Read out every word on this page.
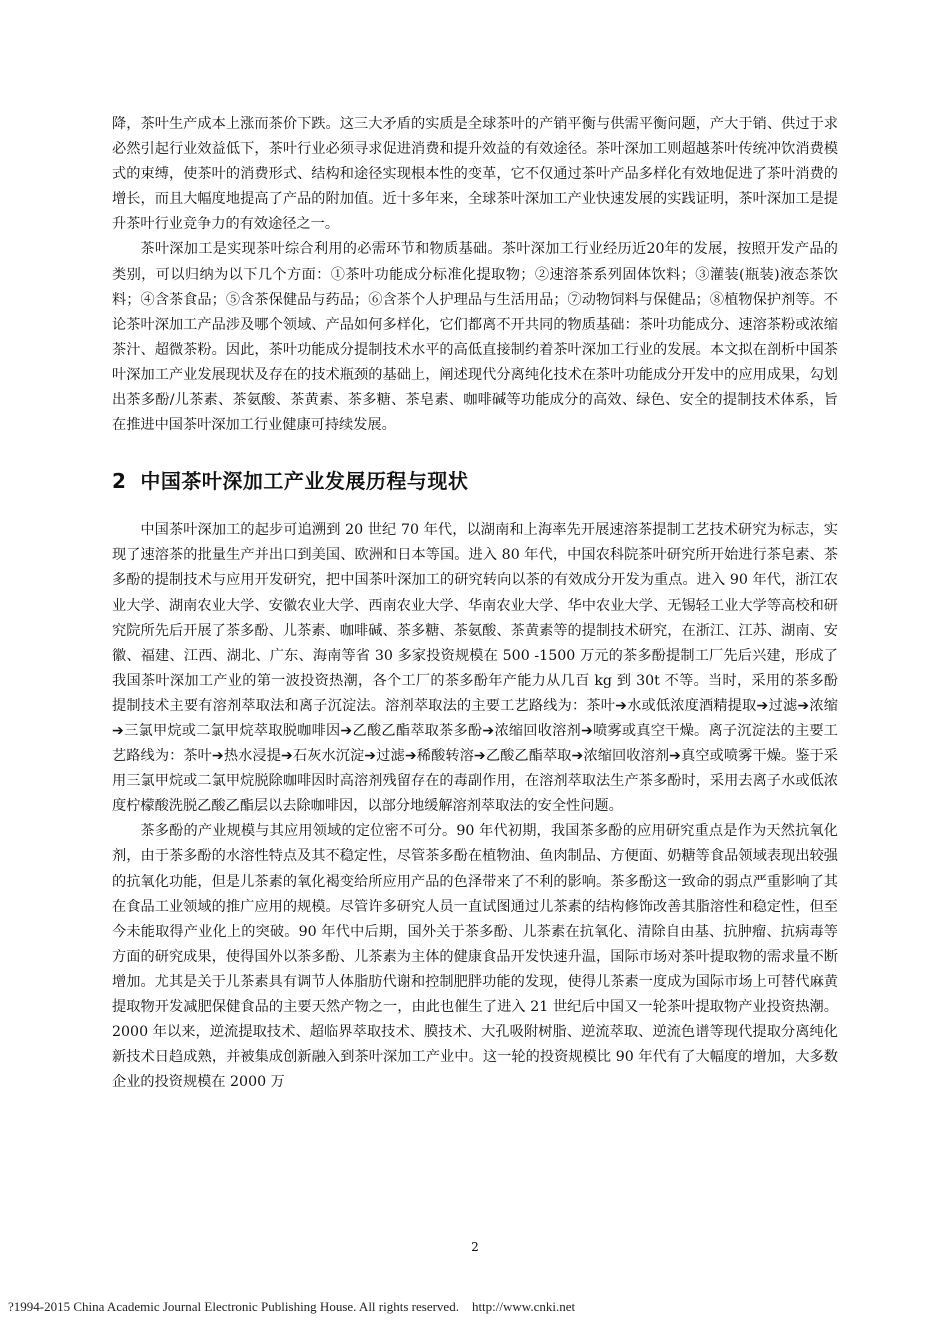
降，茶叶生产成本上涨而茶价下跌。这三大矛盾的实质是全球茶叶的产销平衡与供需平衡问题，产大于销、供过于求必然引起行业效益低下，茶叶行业必须寻求促进消费和提升效益的有效途径。茶叶深加工则超越茶叶传统冲饮消费模式的束缚，使茶叶的消费形式、结构和途径实现根本性的变革，它不仅通过茶叶产品多样化有效地促进了茶叶消费的增长，而且大幅度地提高了产品的附加值。近十多年来，全球茶叶深加工产业快速发展的实践证明，茶叶深加工是提升茶叶行业竞争力的有效途径之一。

茶叶深加工是实现茶叶综合利用的必需环节和物质基础。茶叶深加工行业经历近20年的发展，按照开发产品的类别，可以归纳为以下几个方面：①茶叶功能成分标准化提取物；②速溶茶系列固体饮料；③灌装(瓶装)液态茶饮料；④含茶食品；⑤含茶保健品与药品；⑥含茶个人护理品与生活用品；⑦动物饲料与保健品；⑧植物保护剂等。不论茶叶深加工产品涉及哪个领域、产品如何多样化，它们都离不开共同的物质基础：茶叶功能成分、速溶茶粉或浓缩茶汁、超微茶粉。因此，茶叶功能成分提制技术水平的高低直接制约着茶叶深加工行业的发展。本文拟在剖析中国茶叶深加工产业发展现状及存在的技术瓶颈的基础上，阐述现代分离纯化技术在茶叶功能成分开发中的应用成果，勾划出茶多酚/儿茶素、茶氨酸、茶黄素、茶多糖、茶皂素、咖啡碱等功能成分的高效、绿色、安全的提制技术体系，旨在推进中国茶叶深加工行业健康可持续发展。

2 中国茶叶深加工产业发展历程与现状

中国茶叶深加工的起步可追溯到 20 世纪 70 年代，以湖南和上海率先开展速溶茶提制工艺技术研究为标志，实现了速溶茶的批量生产并出口到美国、欧洲和日本等国。进入 80 年代，中国农科院茶叶研究所开始进行茶皂素、茶多酚的提制技术与应用开发研究，把中国茶叶深加工的研究转向以茶的有效成分开发为重点。进入 90 年代，浙江农业大学、湖南农业大学、安徽农业大学、西南农业大学、华南农业大学、华中农业大学、无锡轻工业大学等高校和研究院所先后开展了茶多酚、儿茶素、咖啡碱、茶多糖、茶氨酸、茶黄素等的提制技术研究，在浙江、江苏、湖南、安徽、福建、江西、湖北、广东、海南等省 30 多家投资规模在 500 -1500 万元的茶多酚提制工厂先后兴建，形成了我国茶叶深加工产业的第一波投资热潮，各个工厂的茶多酚年产能力从几百 kg 到 30t 不等。当时，采用的茶多酚提制技术主要有溶剂萃取法和离子沉淀法。溶剂萃取法的主要工艺路线为：茶叶➔水或低浓度酒精提取➔过滤➔浓缩➔三氯甲烷或二氯甲烷萃取脱咖啡因➔乙酸乙酯萃取茶多酚➔浓缩回收溶剂➔喷雾或真空干燥。离子沉淀法的主要工艺路线为：茶叶➔热水浸提➔石灰水沉淀➔过滤➔稀酸转溶➔乙酸乙酯萃取➔浓缩回收溶剂➔真空或喷雾干燥。鉴于采用三氯甲烷或二氯甲烷脱除咖啡因时高溶剂残留存在的毒副作用，在溶剂萃取法生产茶多酚时，采用去离子水或低浓度柠檬酸洗脱乙酸乙酯层以去除咖啡因，以部分地缓解溶剂萃取法的安全性问题。

茶多酚的产业规模与其应用领域的定位密不可分。90 年代初期，我国茶多酚的应用研究重点是作为天然抗氧化剂，由于茶多酚的水溶性特点及其不稳定性，尽管茶多酚在植物油、鱼肉制品、方便面、奶糖等食品领域表现出较强的抗氧化功能，但是儿茶素的氧化褐变给所应用产品的色泽带来了不利的影响。茶多酚这一致命的弱点严重影响了其在食品工业领域的推广应用的规模。尽管许多研究人员一直试图通过儿茶素的结构修饰改善其脂溶性和稳定性，但至今未能取得产业化上的突破。90 年代中后期，国外关于茶多酚、儿茶素在抗氧化、清除自由基、抗肿瘤、抗病毒等方面的研究成果，使得国外以茶多酚、儿茶素为主体的健康食品开发快速升温，国际市场对茶叶提取物的需求量不断增加。尤其是关于儿茶素具有调节人体脂肪代谢和控制肥胖功能的发现，使得儿茶素一度成为国际市场上可替代麻黄提取物开发减肥保健食品的主要天然产物之一，由此也催生了进入 21 世纪后中国又一轮茶叶提取物产业投资热潮。2000 年以来，逆流提取技术、超临界萃取技术、膜技术、大孔吸附树脂、逆流萃取、逆流色谱等现代提取分离纯化新技术日趋成熟，并被集成创新融入到茶叶深加工产业中。这一轮的投资规模比 90 年代有了大幅度的增加，大多数企业的投资规模在 2000 万

2
?1994-2015 China Academic Journal Electronic Publishing House. All rights reserved.    http://www.cnki.net
